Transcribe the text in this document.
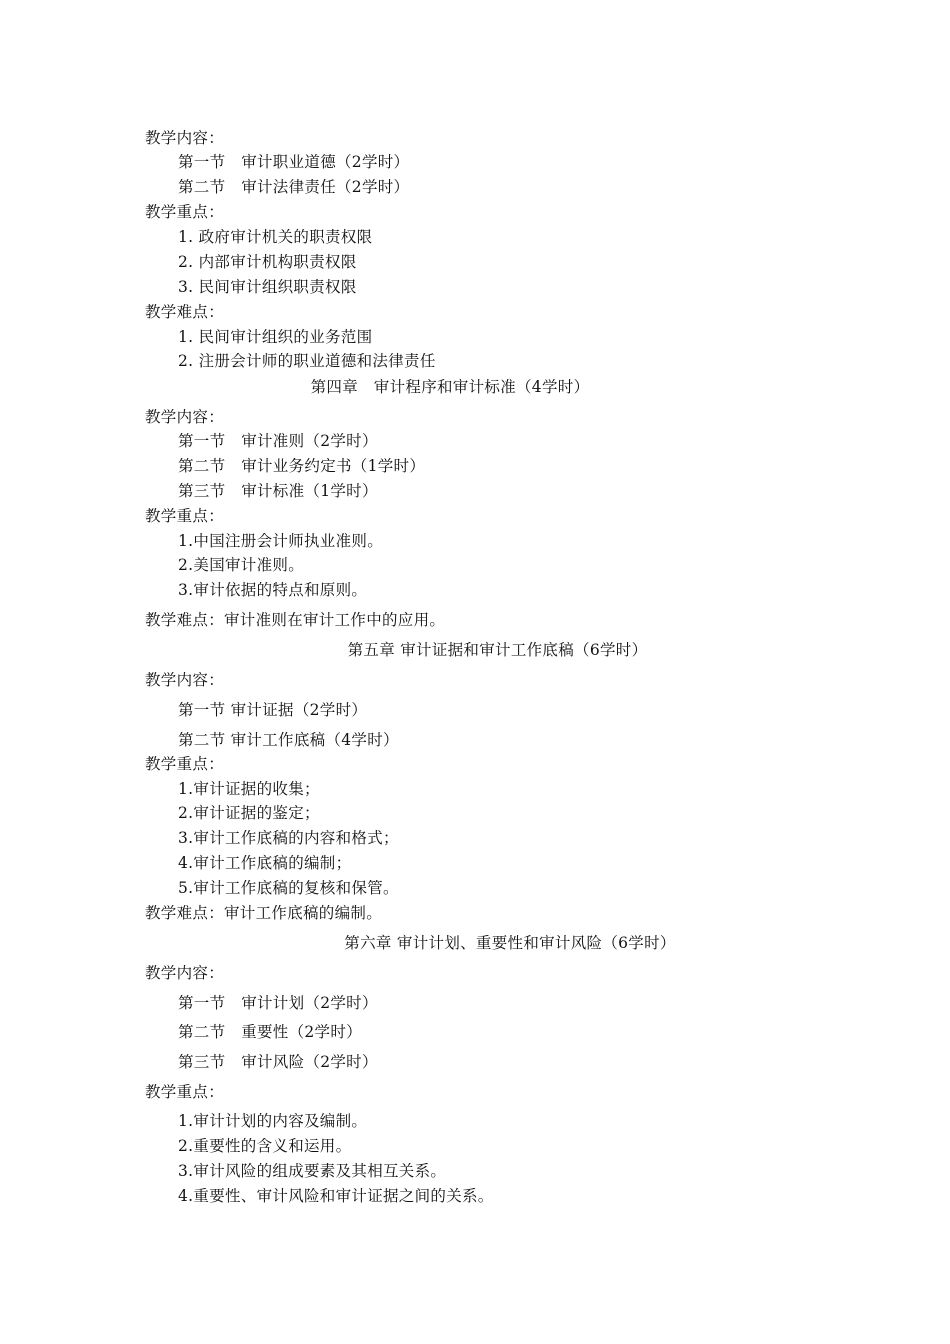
教学内容：
第一节　审计职业道德（2学时）
第二节　审计法律责任（2学时）
教学重点：
1. 政府审计机关的职责权限
2. 内部审计机构职责权限
3. 民间审计组织职责权限
教学难点：
1. 民间审计组织的业务范围
2. 注册会计师的职业道德和法律责任
第四章　审计程序和审计标准（4学时）
教学内容：
第一节　审计准则（2学时）
第二节　审计业务约定书（1学时）
第三节　审计标准（1学时）
教学重点：
1.中国注册会计师执业准则。
2.美国审计准则。
3.审计依据的特点和原则。
教学难点：审计准则在审计工作中的应用。
第五章 审计证据和审计工作底稿（6学时）
教学内容：
第一节 审计证据（2学时）
第二节 审计工作底稿（4学时）
教学重点：
1.审计证据的收集；
2.审计证据的鉴定；
3.审计工作底稿的内容和格式；
4.审计工作底稿的编制；
5.审计工作底稿的复核和保管。
教学难点：审计工作底稿的编制。
第六章 审计计划、重要性和审计风险（6学时）
教学内容：
第一节　审计计划（2学时）
第二节　重要性（2学时）
第三节　审计风险（2学时）
教学重点：
1.审计计划的内容及编制。
2.重要性的含义和运用。
3.审计风险的组成要素及其相互关系。
4.重要性、审计风险和审计证据之间的关系。
